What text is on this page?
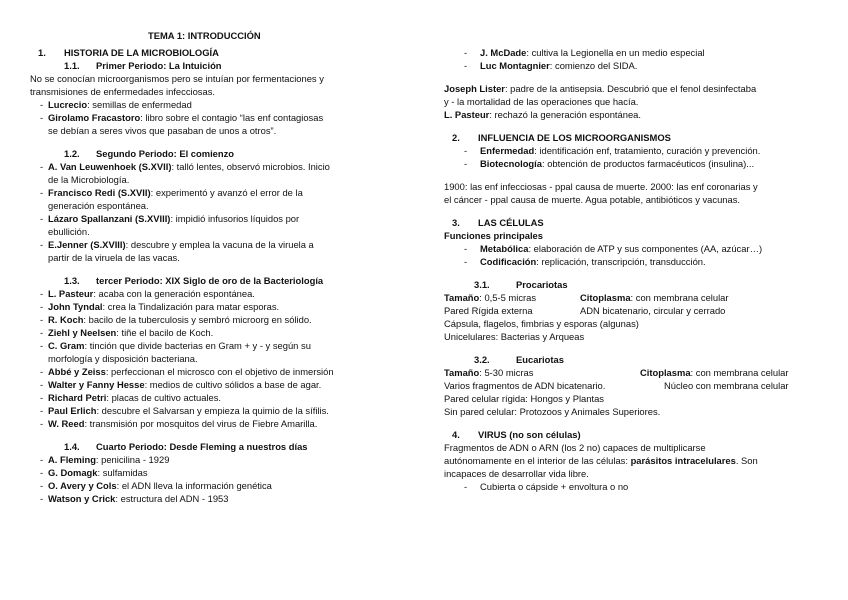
TEMA 1: INTRODUCCIÓN
1. HISTORIA DE LA MICROBIOLOGÍA
1.1. Primer Periodo: La Intuición
No se conocían microorganismos pero se intuían por fermentaciones y
transmisiones de enfermedades infecciosas.
- Lucrecio: semillas de enfermedad
- Girolamo Fracastoro: libro sobre el contagio “las enf contagiosas
se debían a seres vivos que pasaban de unos a otros”.
1.2. Segundo Periodo: El comienzo
- A. Van Leuwenhoek (S.XVII): talló lentes, observó microbios. Inicio
de la Microbiología.
- Francisco Redi (S.XVII): experimentó y avanzó el error de la
generación espontánea.
- Lázaro Spallanzani (S.XVIII): impidió infusorios líquidos por
ebullición.
- E.Jenner (S.XVIII): descubre y emplea la vacuna de la viruela a
partir de la viruela de las vacas.
1.3. tercer Periodo: XIX Siglo de oro de la Bacteriología
- L. Pasteur: acaba con la generación espontánea.
- John Tyndal: crea la Tindalización para matar esporas.
- R. Koch: bacilo de la tuberculosis y sembró microorg en sólido.
- Ziehl y Neelsen: tiñe el bacilo de Koch.
- C. Gram: tinción que divide bacterias en Gram + y - y según su
morfología y disposición bacteriana.
- Abbé y Zeiss: perfeccionan el microsco con el objetivo de inmersión
- Walter y Fanny Hesse: medios de cultivo sólidos a base de agar.
- Richard Petri: placas de cultivo actuales.
- Paul Erlich: descubre el Salvarsan y empieza la quimio de la sífilis.
- W. Reed: transmisión por mosquitos del virus de Fiebre Amarilla.
1.4. Cuarto Periodo: Desde Fleming a nuestros días
- A. Fleming: penicilina - 1929
- G. Domagk: sulfamidas
- O. Avery y Cols: el ADN lleva la información genética
- Watson y Crick: estructura del ADN - 1953
- J. McDade: cultiva la Legionella en un medio especial
- Luc Montagnier: comienzo del SIDA.
Joseph Lister: padre de la antisepsia. Descubrió que el fenol desinfectaba
y - la mortalidad de las operaciones que hacía.
L. Pasteur: rechazó la generación espontánea.
2. INFLUENCIA DE LOS MICROORGANISMOS
- Enfermedad: identificación enf, tratamiento, curación y prevención.
- Biotecnología: obtención de productos farmacéuticos (insulina)...
1900: las enf infecciosas - ppal causa de muerte. 2000: las enf coronarias y
el cáncer - ppal causa de muerte. Agua potable, antibióticos y vacunas.
3. LAS CÉLULAS
Funciones principales
- Metabólica: elaboración de ATP y sus componentes (AA, azúcar…)
- Codificación: replicación, transcripción, transducción.
3.1.	Procariotas
Tamaño: 0,5-5 micras	Citoplasma: con membrana celular
Pared Rígida externa	ADN bicatenario, circular y cerrado
Cápsula, flagelos, fimbrias y esporas (algunas)
Unicelulares: Bacterias y Arqueas
3.2.	Eucariotas
Tamaño: 5-30 micras	Citoplasma: con membrana celular
Varios fragmentos de ADN bicatenario.	Núcleo con membrana celular
Pared celular rígida: Hongos y Plantas
Sin pared celular: Protozoos y Animales Superiores.
4. VIRUS (no son células)
Fragmentos de ADN o ARN (los 2 no) capaces de multiplicarse
autónomamente en el interior de las células: parásitos intracelulares. Son
incapaces de desarrollar vida libre.
- Cubierta o cápside + envoltura o no
